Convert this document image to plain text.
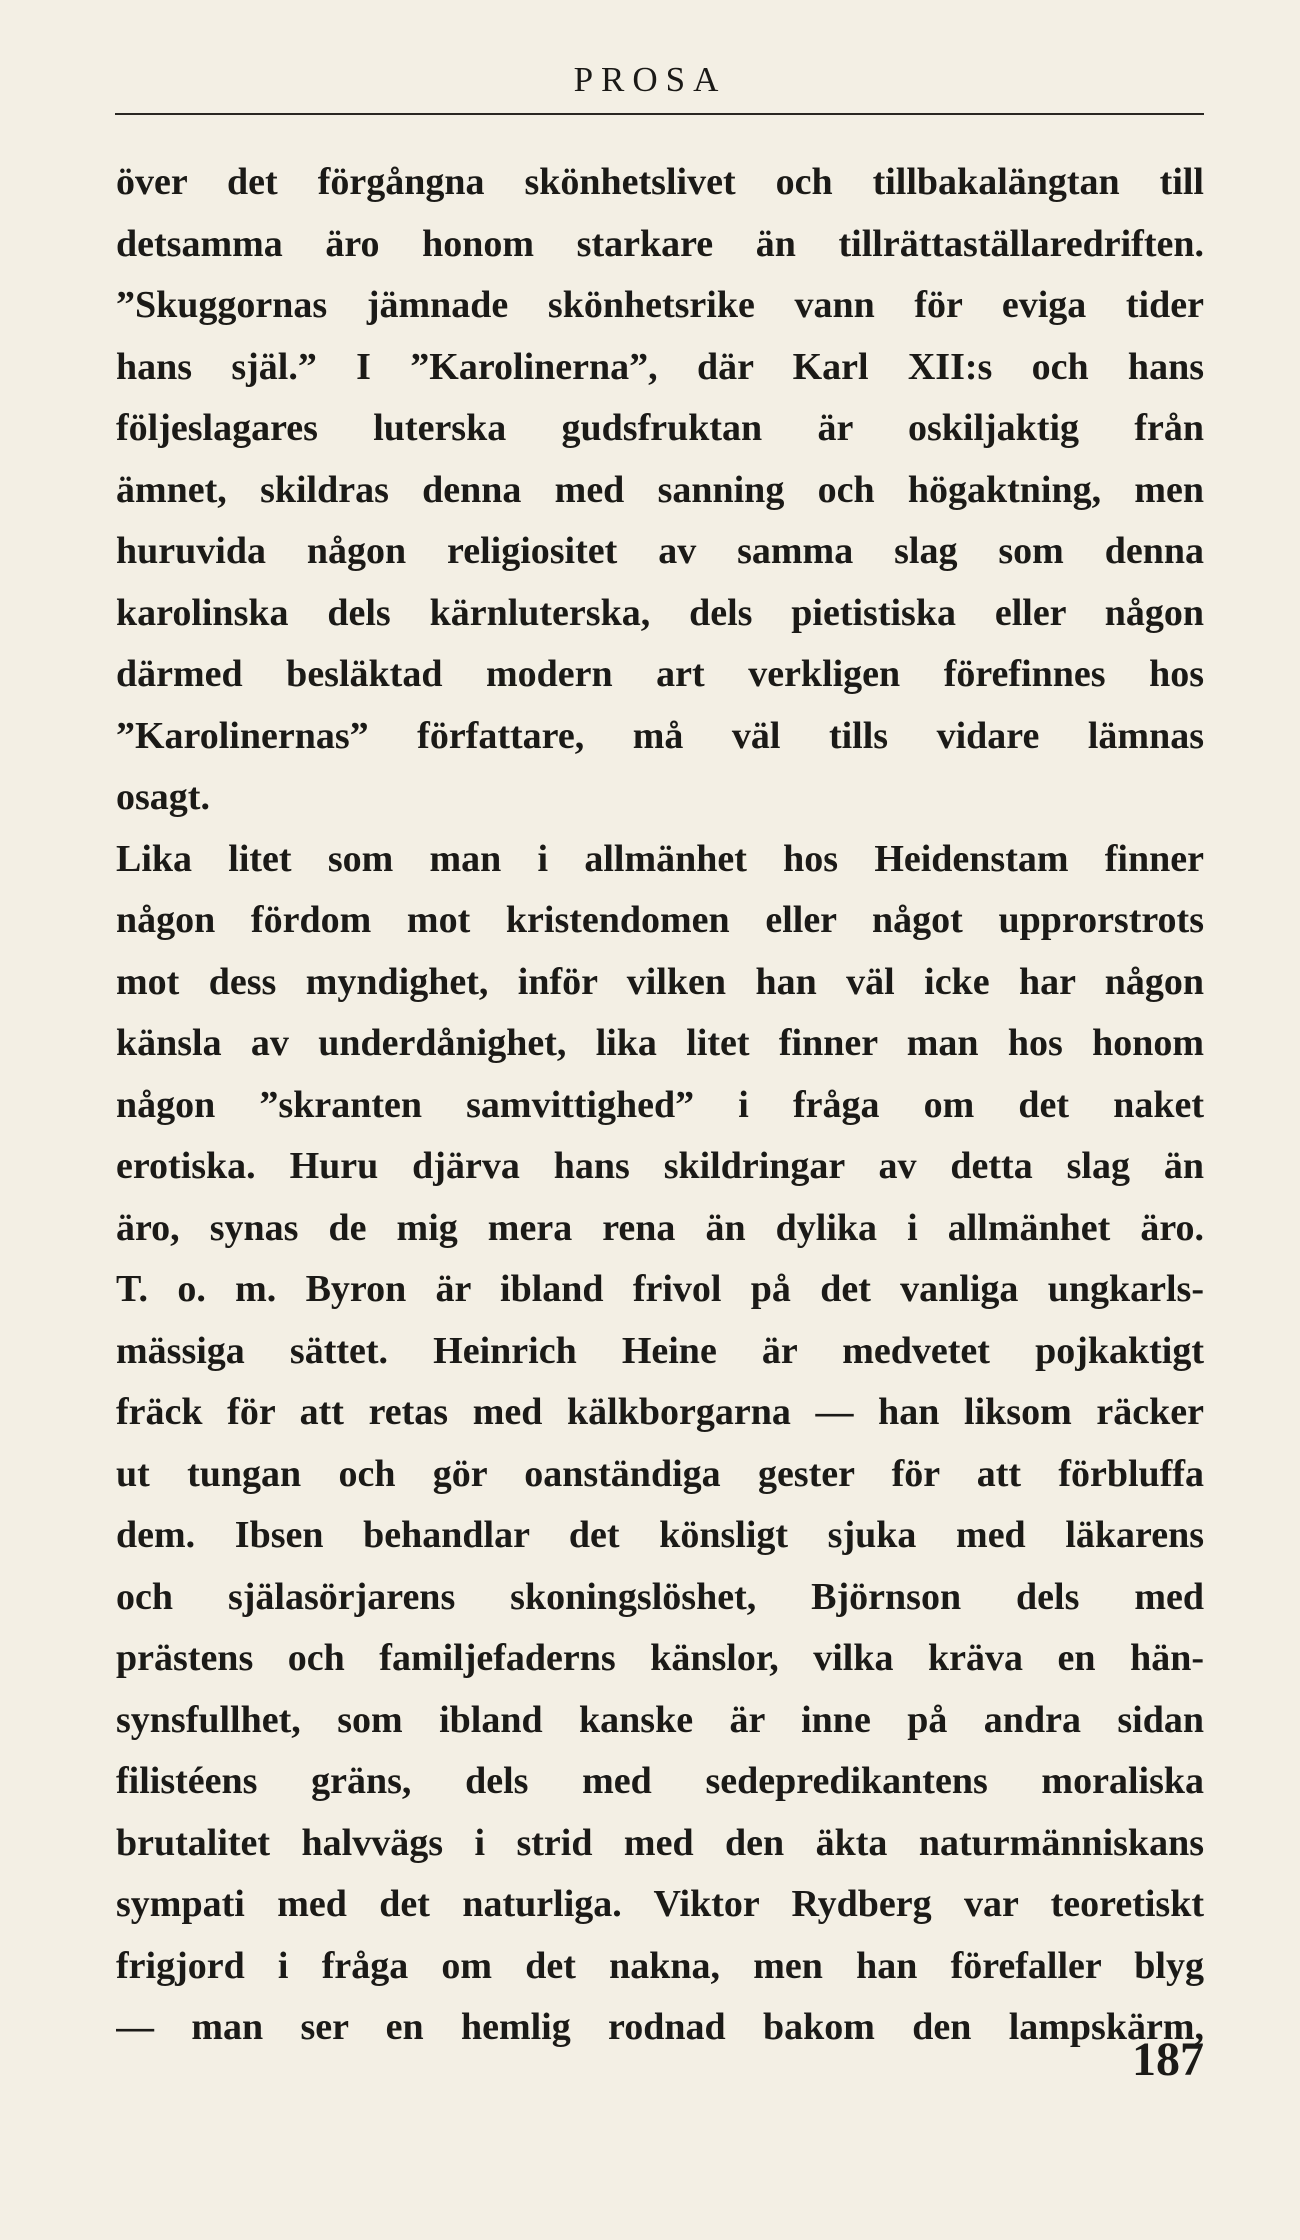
PROSA
över det förgångna skönhetslivet och tillbakalängtan till
detsamma äro honom starkare än tillrättaställaredriften.
”Skuggornas jämnade skönhetsrike vann för eviga tider
hans själ.” I ”Karolinerna”, där Karl XII:s och hans
följeslagares luterska gudsfruktan är oskiljaktig från
ämnet, skildras denna med sanning och högaktning, men
huruvida någon religiositet av samma slag som denna
karolinska dels kärnluterska, dels pietistiska eller någon
därmed besläktad modern art verkligen förefinnes hos
”Karolinernas” författare, må väl tills vidare lämnas
osagt.
Lika litet som man i allmänhet hos Heidenstam finner
någon fördom mot kristendomen eller något upprorstrots
mot dess myndighet, inför vilken han väl icke har någon
känsla av underdånighet, lika litet finner man hos honom
någon ”skranten samvittighed” i fråga om det naket
erotiska. Huru djärva hans skildringar av detta slag än
äro, synas de mig mera rena än dylika i allmänhet äro.
T. o. m. Byron är ibland frivol på det vanliga ungkarls-
mässiga sättet. Heinrich Heine är medvetet pojkaktigt
fräck för att retas med kälkborgarna — han liksom räcker
ut tungan och gör oanständiga gester för att förbluffa
dem. Ibsen behandlar det könsligt sjuka med läkarens
och själasörjarens skoningslöshet, Björnson dels med
prästens och familjefaderns känslor, vilka kräva en hän-
synsfullhet, som ibland kanske är inne på andra sidan
filistéens gräns, dels med sedepredikantens moraliska
brutalitet halvvägs i strid med den äkta naturmänniskans
sympati med det naturliga. Viktor Rydberg var teoretiskt
frigjord i fråga om det nakna, men han förefaller blyg
— man ser en hemlig rodnad bakom den lampskärm,
187
